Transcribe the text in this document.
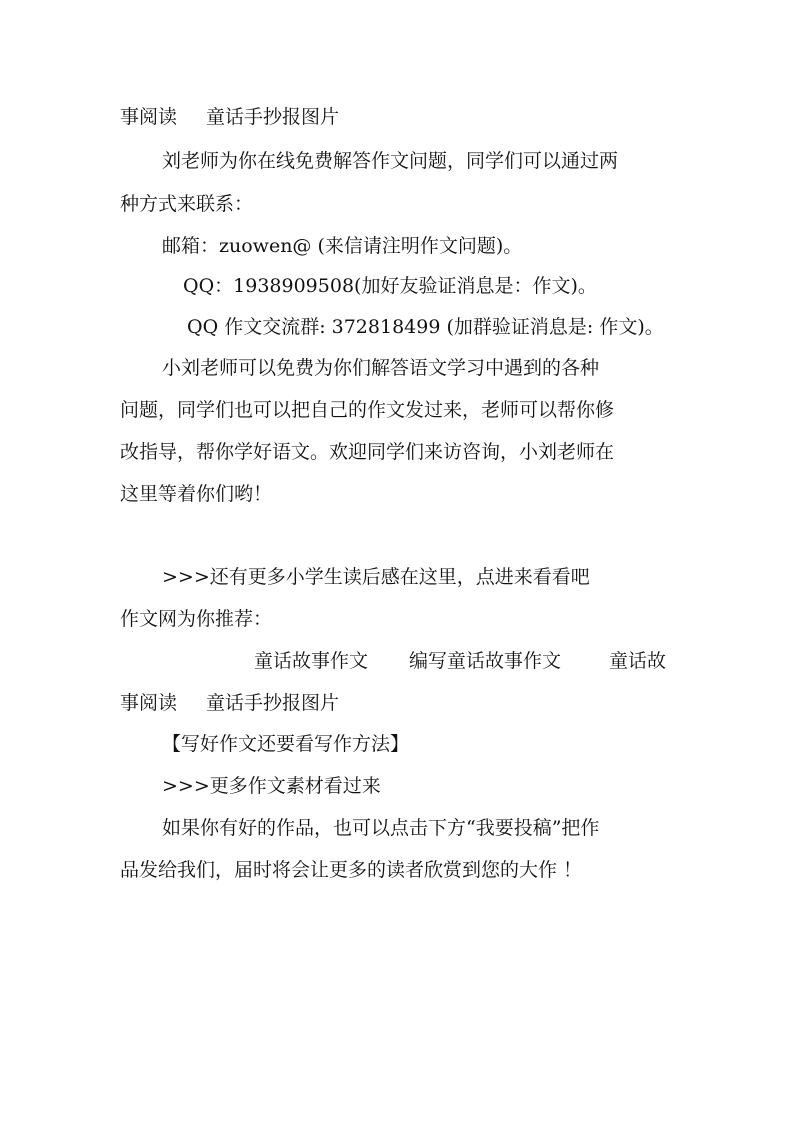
事阅读 童话手抄报图片
刘老师为你在线免费解答作文问题，同学们可以通过两
种方式来联系：
邮箱：zuowen@ (来信请注明作文问题)。
QQ：1938909508(加好友验证消息是：作文)。
QQ 作文交流群: 372818499 (加群验证消息是: 作文)。
小刘老师可以免费为你们解答语文学习中遇到的各种
问题，同学们也可以把自己的作文发过来，老师可以帮你修
改指导，帮你学好语文。欢迎同学们来访咨询，小刘老师在
这里等着你们哟！
>>>还有更多小学生读后感在这里，点进来看看吧
作文网为你推荐：
童话故事作文 编写童话故事作文	童话故
事阅读 童话手抄报图片
【写好作文还要看写作方法】
>>>更多作文素材看过来
如果你有好的作品，也可以点击下方“我要投稿”把作
品发给我们，届时将会让更多的读者欣赏到您的大作 ！
